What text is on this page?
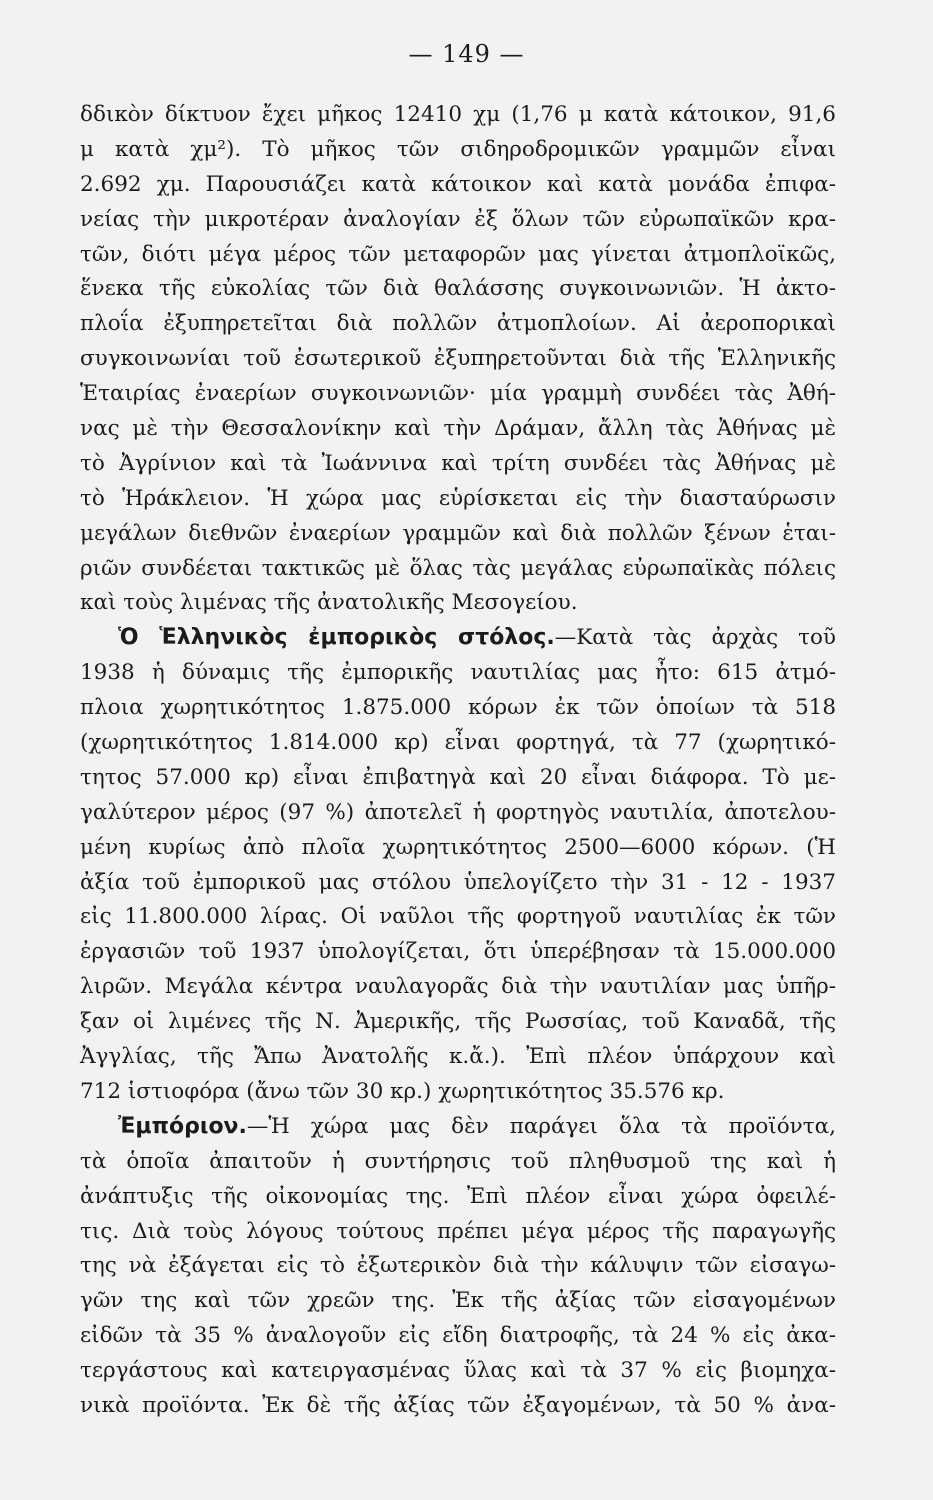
— 149 —
δδικὸν δίκτυον ἔχει μῆκος 12410 χμ (1,76 μ κατὰ κάτοικον, 91,6
μ κατὰ χμ²). Τὸ μῆκος τῶν σιδηροδρομικῶν γραμμῶν εἶναι
2.692 χμ. Παρουσιάζει κατὰ κάτοικον καὶ κατὰ μονάδα ἐπιφα-
νείας τὴν μικροτέραν ἀναλογίαν ἐξ ὅλων τῶν εὐρωπαϊκῶν κρα-
τῶν, διότι μέγα μέρος τῶν μεταφορῶν μας γίνεται ἀτμοπλοϊκῶς,
ἕνεκα τῆς εὐκολίας τῶν διὰ θαλάσσης συγκοινωνιῶν. Ἡ ἀκτο-
πλοΐα ἐξυπηρετεῖται διὰ πολλῶν ἀτμοπλοίων. Αἱ ἀεροπορικαὶ
συγκοινωνίαι τοῦ ἐσωτερικοῦ ἐξυπηρετοῦνται διὰ τῆς Ἑλληνικῆς
Ἑταιρίας ἐναερίων συγκοινωνιῶν· μία γραμμὴ συνδέει τὰς Ἀθή-
νας μὲ τὴν Θεσσαλονίκην καὶ τὴν Δράμαν, ἄλλη τὰς Ἀθήνας μὲ
τὸ Ἀγρίνιον καὶ τὰ Ἰωάννινα καὶ τρίτη συνδέει τὰς Ἀθήνας μὲ
τὸ Ἡράκλειον. Ἡ χώρα μας εὑρίσκεται εἰς τὴν διασταύρωσιν
μεγάλων διεθνῶν ἐναερίων γραμμῶν καὶ διὰ πολλῶν ξένων ἑται-
ριῶν συνδέεται τακτικῶς μὲ ὅλας τὰς μεγάλας εὐρωπαϊκὰς πόλεις
καὶ τοὺς λιμένας τῆς ἀνατολικῆς Μεσογείου.
Ὁ Ἑλληνικὸς ἐμπορικὸς στόλος.—Κατὰ τὰς ἀρχὰς τοῦ
1938 ἡ δύναμις τῆς ἐμπορικῆς ναυτιλίας μας ἦτο: 615 ἀτμό-
πλοια χωρητικότητος 1.875.000 κόρων ἐκ τῶν ὁποίων τὰ 518
(χωρητικότητος 1.814.000 κρ) εἶναι φορτηγά, τὰ 77 (χωρητικό-
τητος 57.000 κρ) εἶναι ἐπιβατηγὰ καὶ 20 εἶναι διάφορα. Τὸ με-
γαλύτερον μέρος (97 %) ἀποτελεῖ ἡ φορτηγὸς ναυτιλία, ἀποτελου-
μένη κυρίως ἀπὸ πλοῖα χωρητικότητος 2500—6000 κόρων. (Ἡ
ἀξία τοῦ ἐμπορικοῦ μας στόλου ὑπελογίζετο τὴν 31 - 12 - 1937
εἰς 11.800.000 λίρας. Οἱ ναῦλοι τῆς φορτηγοῦ ναυτιλίας ἐκ τῶν
ἐργασιῶν τοῦ 1937 ὑπολογίζεται, ὅτι ὑπερέβησαν τὰ 15.000.000
λιρῶν. Μεγάλα κέντρα ναυλαγορᾶς διὰ τὴν ναυτιλίαν μας ὑπῆρ-
ξαν οἱ λιμένες τῆς Ν. Ἀμερικῆς, τῆς Ρωσσίας, τοῦ Καναδᾶ, τῆς
Ἀγγλίας, τῆς Ἄπω Ἀνατολῆς κ.ἄ.). Ἐπὶ πλέον ὑπάρχουν καὶ
712 ἱστιοφόρα (ἄνω τῶν 30 κρ.) χωρητικότητος 35.576 κρ.
Ἐμπόριον.—Ἡ χώρα μας δὲν παράγει ὅλα τὰ προϊόντα,
τὰ ὁποῖα ἀπαιτοῦν ἡ συντήρησις τοῦ πληθυσμοῦ της καὶ ἡ
ἀνάπτυξις τῆς οἰκονομίας της. Ἐπὶ πλέον εἶναι χώρα ὀφειλέ-
τις. Διὰ τοὺς λόγους τούτους πρέπει μέγα μέρος τῆς παραγωγῆς
της νὰ ἐξάγεται εἰς τὸ ἐξωτερικὸν διὰ τὴν κάλυψιν τῶν εἰσαγω-
γῶν της καὶ τῶν χρεῶν της. Ἐκ τῆς ἀξίας τῶν εἰσαγομένων
εἰδῶν τὰ 35 % ἀναλογοῦν εἰς εἴδη διατροφῆς, τὰ 24 % εἰς ἀκα-
τεργάστους καὶ κατειργασμένας ὕλας καὶ τὰ 37 % εἰς βιομηχα-
νικὰ προϊόντα. Ἐκ δὲ τῆς ἀξίας τῶν ἐξαγομένων, τὰ 50 % ἀνα-
